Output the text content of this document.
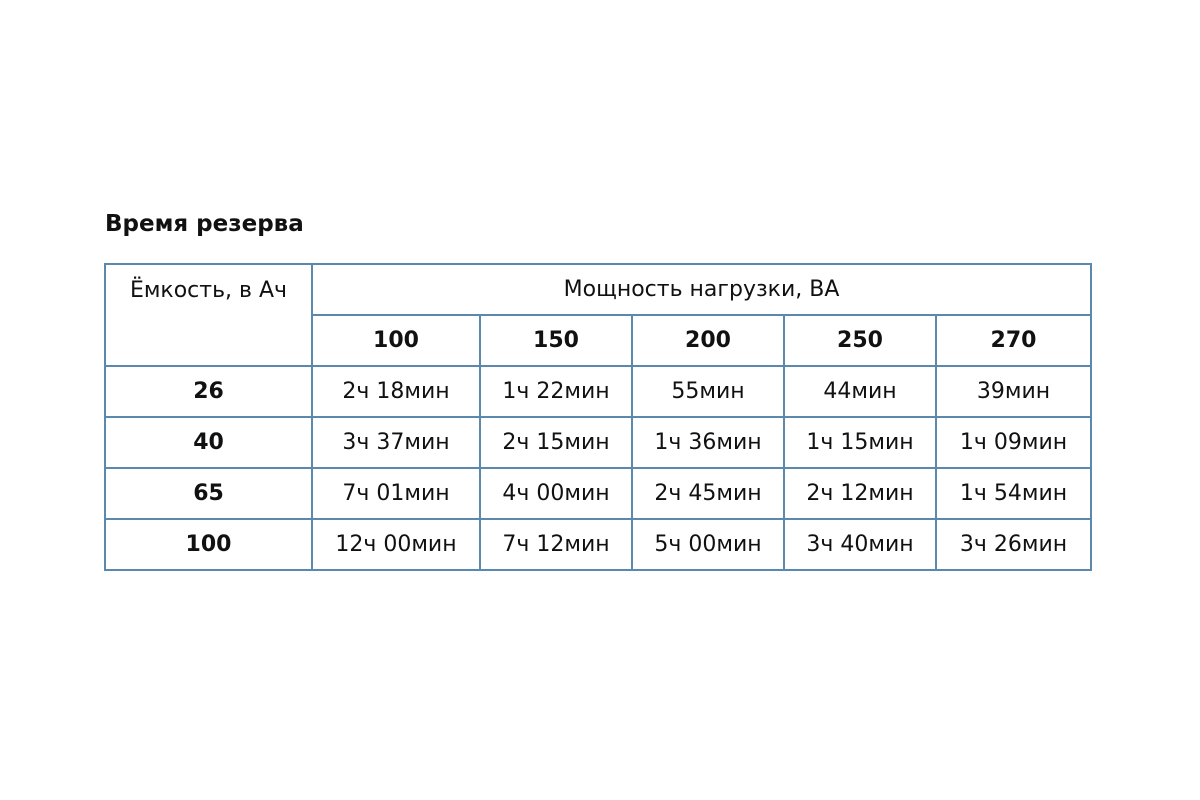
Время резерва
Ёмкость, в Ач	Мощность нагрузки, ВА				
	100	150	200	250	270
26	2ч 18мин	1ч 22мин	55мин	44мин	39мин
40	3ч 37мин	2ч 15мин	1ч 36мин	1ч 15мин	1ч 09мин
65	7ч 01мин	4ч 00мин	2ч 45мин	2ч 12мин	1ч 54мин
100	12ч 00мин	7ч 12мин	5ч 00мин	3ч 40мин	3ч 26мин
